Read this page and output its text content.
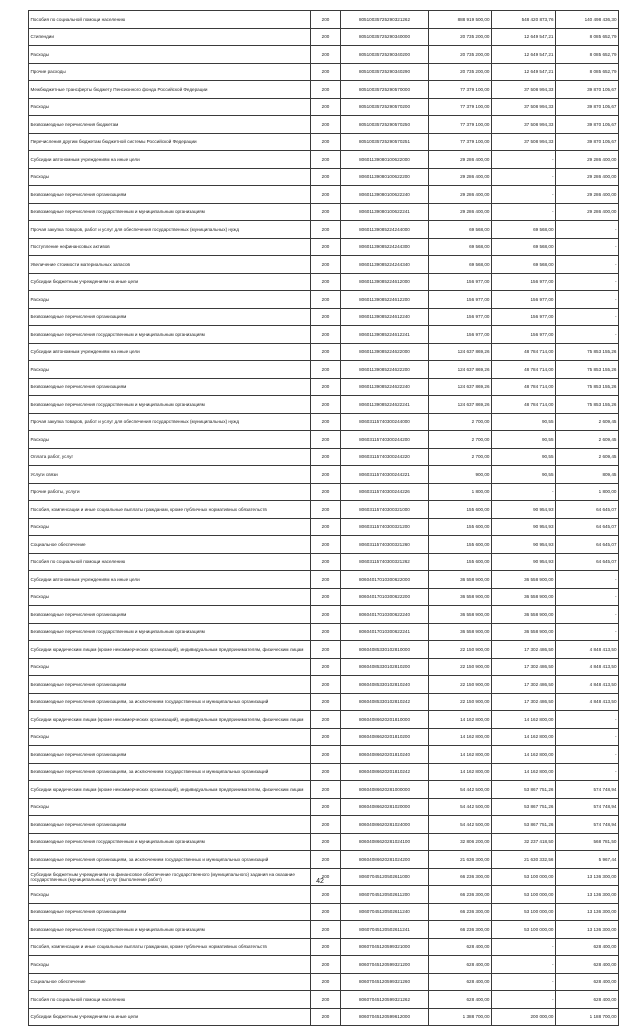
Пособия по социальной помощи населению	200	80510035725290321262	888 919 500,00	548 420 873,76	140 498 436,30
Стипендии	200	80510035725290340000	20 735 200,00	12 649 547,21	8 085 652,79
Расходы	200	80510035725290340200	20 735 200,00	12 649 547,21	8 085 652,79
Прочие расходы	200	80510035725290340290	20 735 200,00	12 649 547,21	8 085 652,79
Межбюджетные трансферты бюджету Пенсионного фонда Российской Федерации	200	80510035725290570000	77 379 100,00	37 508 994,33	39 870 105,67
Расходы	200	80510035725290570200	77 379 100,00	37 508 994,33	39 870 105,67
Безвозмездные перечисления бюджетам	200	80510035725290570250	77 379 100,00	37 508 994,33	39 870 105,67
Перечисления другим бюджетам бюджетной системы Российской Федерации	200	80510035725290570251	77 379 100,00	37 508 994,33	39 870 105,67
Субсидии автономным учреждениям на иные цели	200	80601139080100622000	29 286 400,00	-	29 286 400,00
Расходы	200	80601139080100622200	29 286 400,00	-	29 286 400,00
Безвозмездные перечисления организациям	200	80601139080100622240	29 286 400,00	-	29 286 400,00
Безвозмездные перечисления государственным и муниципальным организациям	200	80601139080100622241	29 286 400,00	-	29 286 400,00
Прочая закупка товаров, работ и услуг для обеспечения государственных (муниципальных) нужд	200	80601139085224244000	69 568,00	69 568,00	-
Поступление нефинансовых активов	200	80601139085224244300	69 568,00	69 568,00	-
Увеличение стоимости материальных запасов	200	80601139085224244340	69 568,00	69 568,00	-
Субсидии бюджетным учреждениям на иные цели	200	80601139085224612000	156 977,00	156 977,00	-
Расходы	200	80601139085224612200	156 977,00	156 977,00	-
Безвозмездные перечисления организациям	200	80601139085224612240	156 977,00	156 977,00	-
Безвозмездные перечисления государственным и муниципальным организациям	200	80601139085224612241	156 977,00	156 977,00	-
Субсидии автономным учреждениям на иные цели	200	80601139085224622000	124 637 869,26	48 784 714,00	75 853 155,26
Расходы	200	80601139085224622200	124 637 869,26	48 784 714,00	75 853 155,26
Безвозмездные перечисления организациям	200	80601139085224622240	124 637 869,26	48 784 714,00	75 853 155,26
Безвозмездные перечисления государственным и муниципальным организациям	200	80601139085224622241	124 637 869,26	48 784 714,00	75 853 155,26
Прочая закупка товаров, работ и услуг для обеспечения государственных (муниципальных) нужд	200	80603115740300244000	2 700,00	90,55	2 609,45
Расходы	200	80603115740300244200	2 700,00	90,55	2 609,45
Оплата работ, услуг	200	80603115740300244220	2 700,00	90,55	2 609,45
Услуги связи	200	80603115740300244221	900,00	90,55	809,45
Прочие работы, услуги	200	80603115740300244226	1 800,00	-	1 800,00
Пособия, компенсации и иные социальные выплаты гражданам, кроме публичных нормативных обязательств	200	80603115740300321000	155 600,00	90 954,93	64 645,07
Расходы	200	80603115740300321200	155 600,00	90 954,93	64 645,07
Социальное обеспечение	200	80603115740300321260	155 600,00	90 954,93	64 645,07
Пособия по социальной помощи населению	200	80603115740300321262	155 600,00	90 954,93	64 645,07
Субсидии автономным учреждениям на иные цели	200	80604017010300622000	36 558 900,00	36 558 900,00	-
Расходы	200	80604017010300622200	36 558 900,00	36 558 900,00	-
Безвозмездные перечисления организациям	200	80604017010300622240	36 558 900,00	36 558 900,00	-
Безвозмездные перечисления государственным и муниципальным организациям	200	80604017010300622241	36 558 900,00	36 558 900,00	-
Субсидии юридическим лицам (кроме некоммерческих организаций), индивидуальным предпринимателям, физическим лицам	200	80604085330102810000	22 150 900,00	17 302 486,50	4 848 413,50
Расходы	200	80604085330102810200	22 150 900,00	17 302 486,50	4 848 413,50
Безвозмездные перечисления организациям	200	80604085330102810240	22 150 900,00	17 302 486,50	4 848 413,50
Безвозмездные перечисления организациям, за исключением государственных и муниципальных организаций	200	80604085330102810242	22 150 900,00	17 302 486,50	4 848 413,50
Субсидии юридическим лицам (кроме некоммерческих организаций), индивидуальным предпринимателям, физическим лицам	200	80604086620201810000	14 162 800,00	14 162 800,00	-
Расходы	200	80604086620201810200	14 162 800,00	14 162 800,00	-
Безвозмездные перечисления организациям	200	80604086620201810240	14 162 800,00	14 162 800,00	-
Безвозмездные перечисления организациям, за исключением государственных и муниципальных организаций	200	80604086620201810242	14 162 800,00	14 162 800,00	-
Субсидии юридическим лицам (кроме некоммерческих организаций), индивидуальным предпринимателям, физическим лицам	200	80604086620281000000	54 442 500,00	53 867 751,26	574 748,94
Расходы	200	80604086620281020000	54 442 500,00	53 867 751,26	574 748,94
Безвозмездные перечисления организациям	200	80604086620281024000	54 442 500,00	53 867 751,26	574 748,94
Безвозмездные перечисления государственным и муниципальным организациям	200	80604086620281024100	32 806 200,00	32 237 418,50	568 781,50
Безвозмездные перечисления организациям, за исключением государственных и муниципальных организаций	200	80604086620281024200	21 636 300,00	21 630 332,56	5 967,44
Субсидии бюджетным учреждениям на финансовое обеспечение государственного (муниципального) задания на оказание государственных (муниципальных) услуг (выполнение работ)	200	80607045120502611000	66 236 300,00	53 100 000,00	13 136 300,00
Расходы	200	80607045120502611200	66 236 300,00	53 100 000,00	13 136 300,00
Безвозмездные перечисления организациям	200	80607045120502611240	66 236 300,00	53 100 000,00	13 136 300,00
Безвозмездные перечисления государственным и муниципальным организациям	200	80607045120502611241	66 236 300,00	53 100 000,00	13 136 300,00
Пособия, компенсации и иные социальные выплаты гражданам, кроме публичных нормативных обязательств	200	80607045120599321000	628 400,00	-	628 400,00
Расходы	200	80607045120599321200	628 400,00	-	628 400,00
Социальное обеспечение	200	80607045120599321260	628 400,00	-	628 400,00
Пособия по социальной помощи населению	200	80607045120599321262	628 400,00	-	628 400,00
Субсидии бюджетным учреждениям на иные цели	200	80607045120599612000	1 388 700,00	200 000,00	1 188 700,00
42
